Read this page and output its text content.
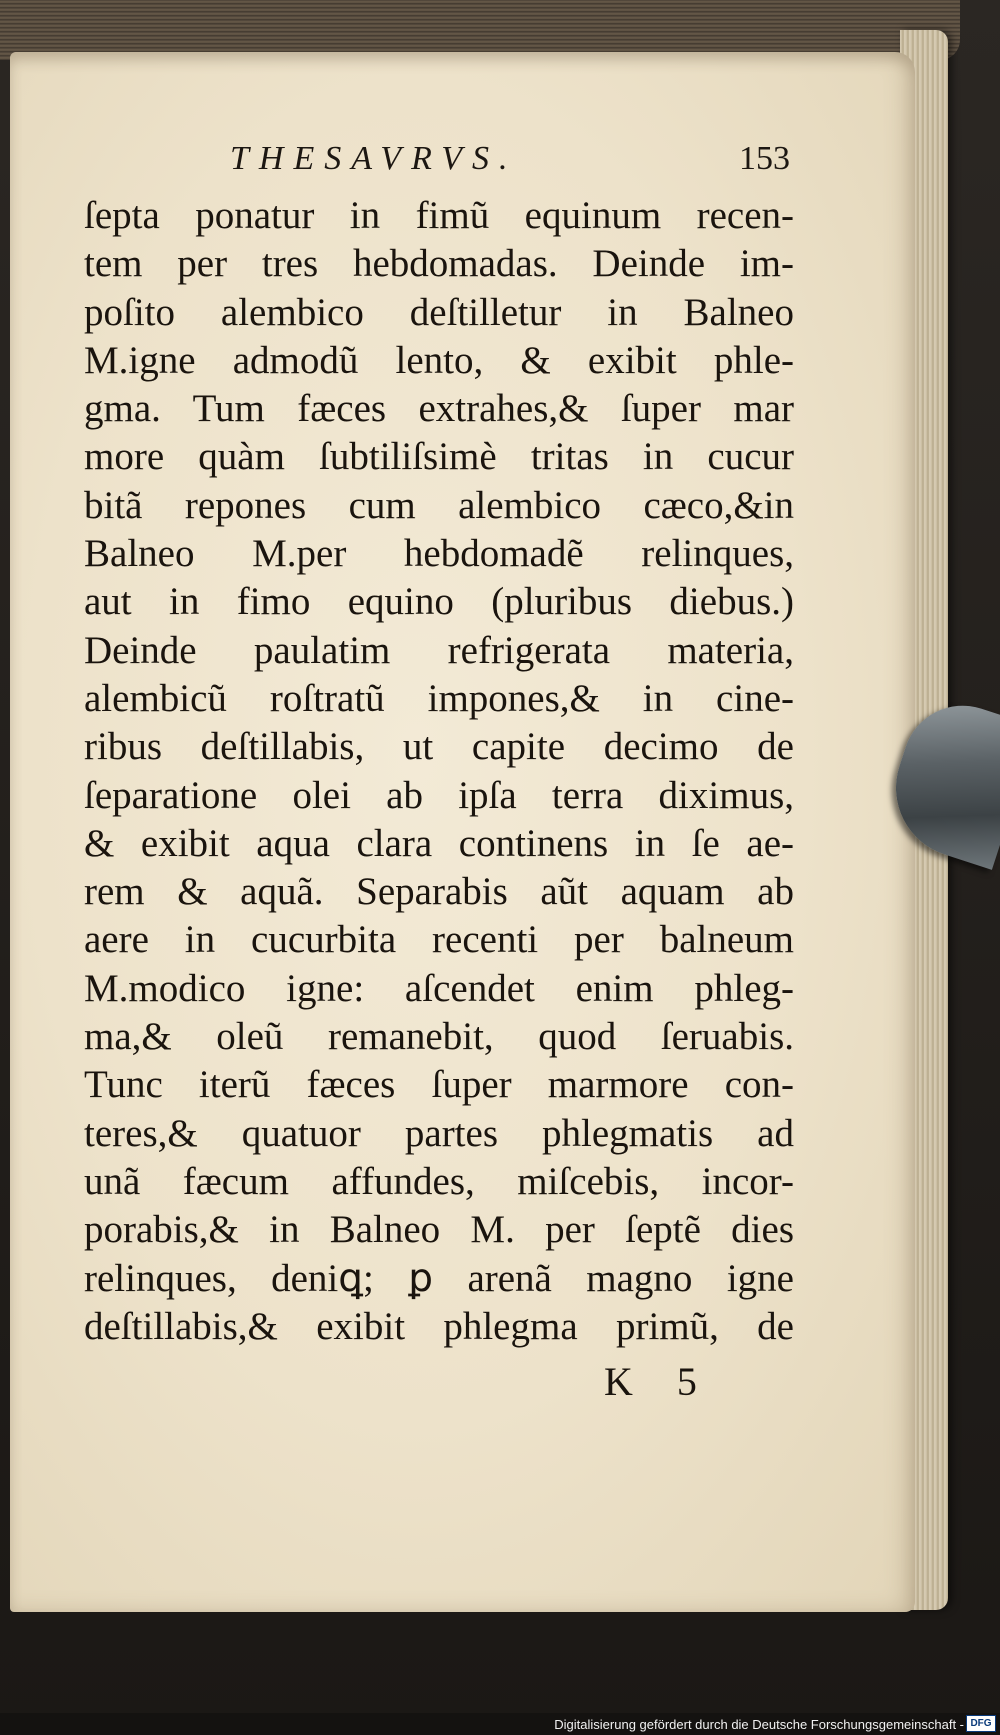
THESAVRVS.	153
ſepta ponatur in fimũ equinum recen-
tem per tres hebdomadas. Deinde im-
poſito alembico deſtilletur in Balneo
M.igne admodũ lento, & exibit phle-
gma. Tum fæces extrahes,& ſuper mar
more quàm ſubtiliſsimè tritas in cucur
bitã repones cum alembico cæco,&in
Balneo M.per hebdomadẽ relinques,
aut in fimo equino (pluribus diebus.)
Deinde paulatim refrigerata materia,
alembicũ roſtratũ impones,& in cine-
ribus deſtillabis, ut capite decimo de
ſeparatione olei ab ipſa terra diximus,
& exibit aqua clara continens in ſe ae-
rem & aquã. Separabis aũt aquam ab
aere in cucurbita recenti per balneum
M.modico igne: aſcendet enim phleg-
ma,& oleũ remanebit, quod ſeruabis.
Tunc iterũ fæces ſuper marmore con-
teres,& quatuor partes phlegmatis ad
unã fæcum affundes, miſcebis, incor-
porabis,& in Balneo M. per ſeptẽ dies
relinques, deniꝗ; ꝑ arenã magno igne
deſtillabis,& exibit phlegma primũ, de
K 5
Digitalisierung gefördert durch die Deutsche Forschungsgemeinschaft - DFG
